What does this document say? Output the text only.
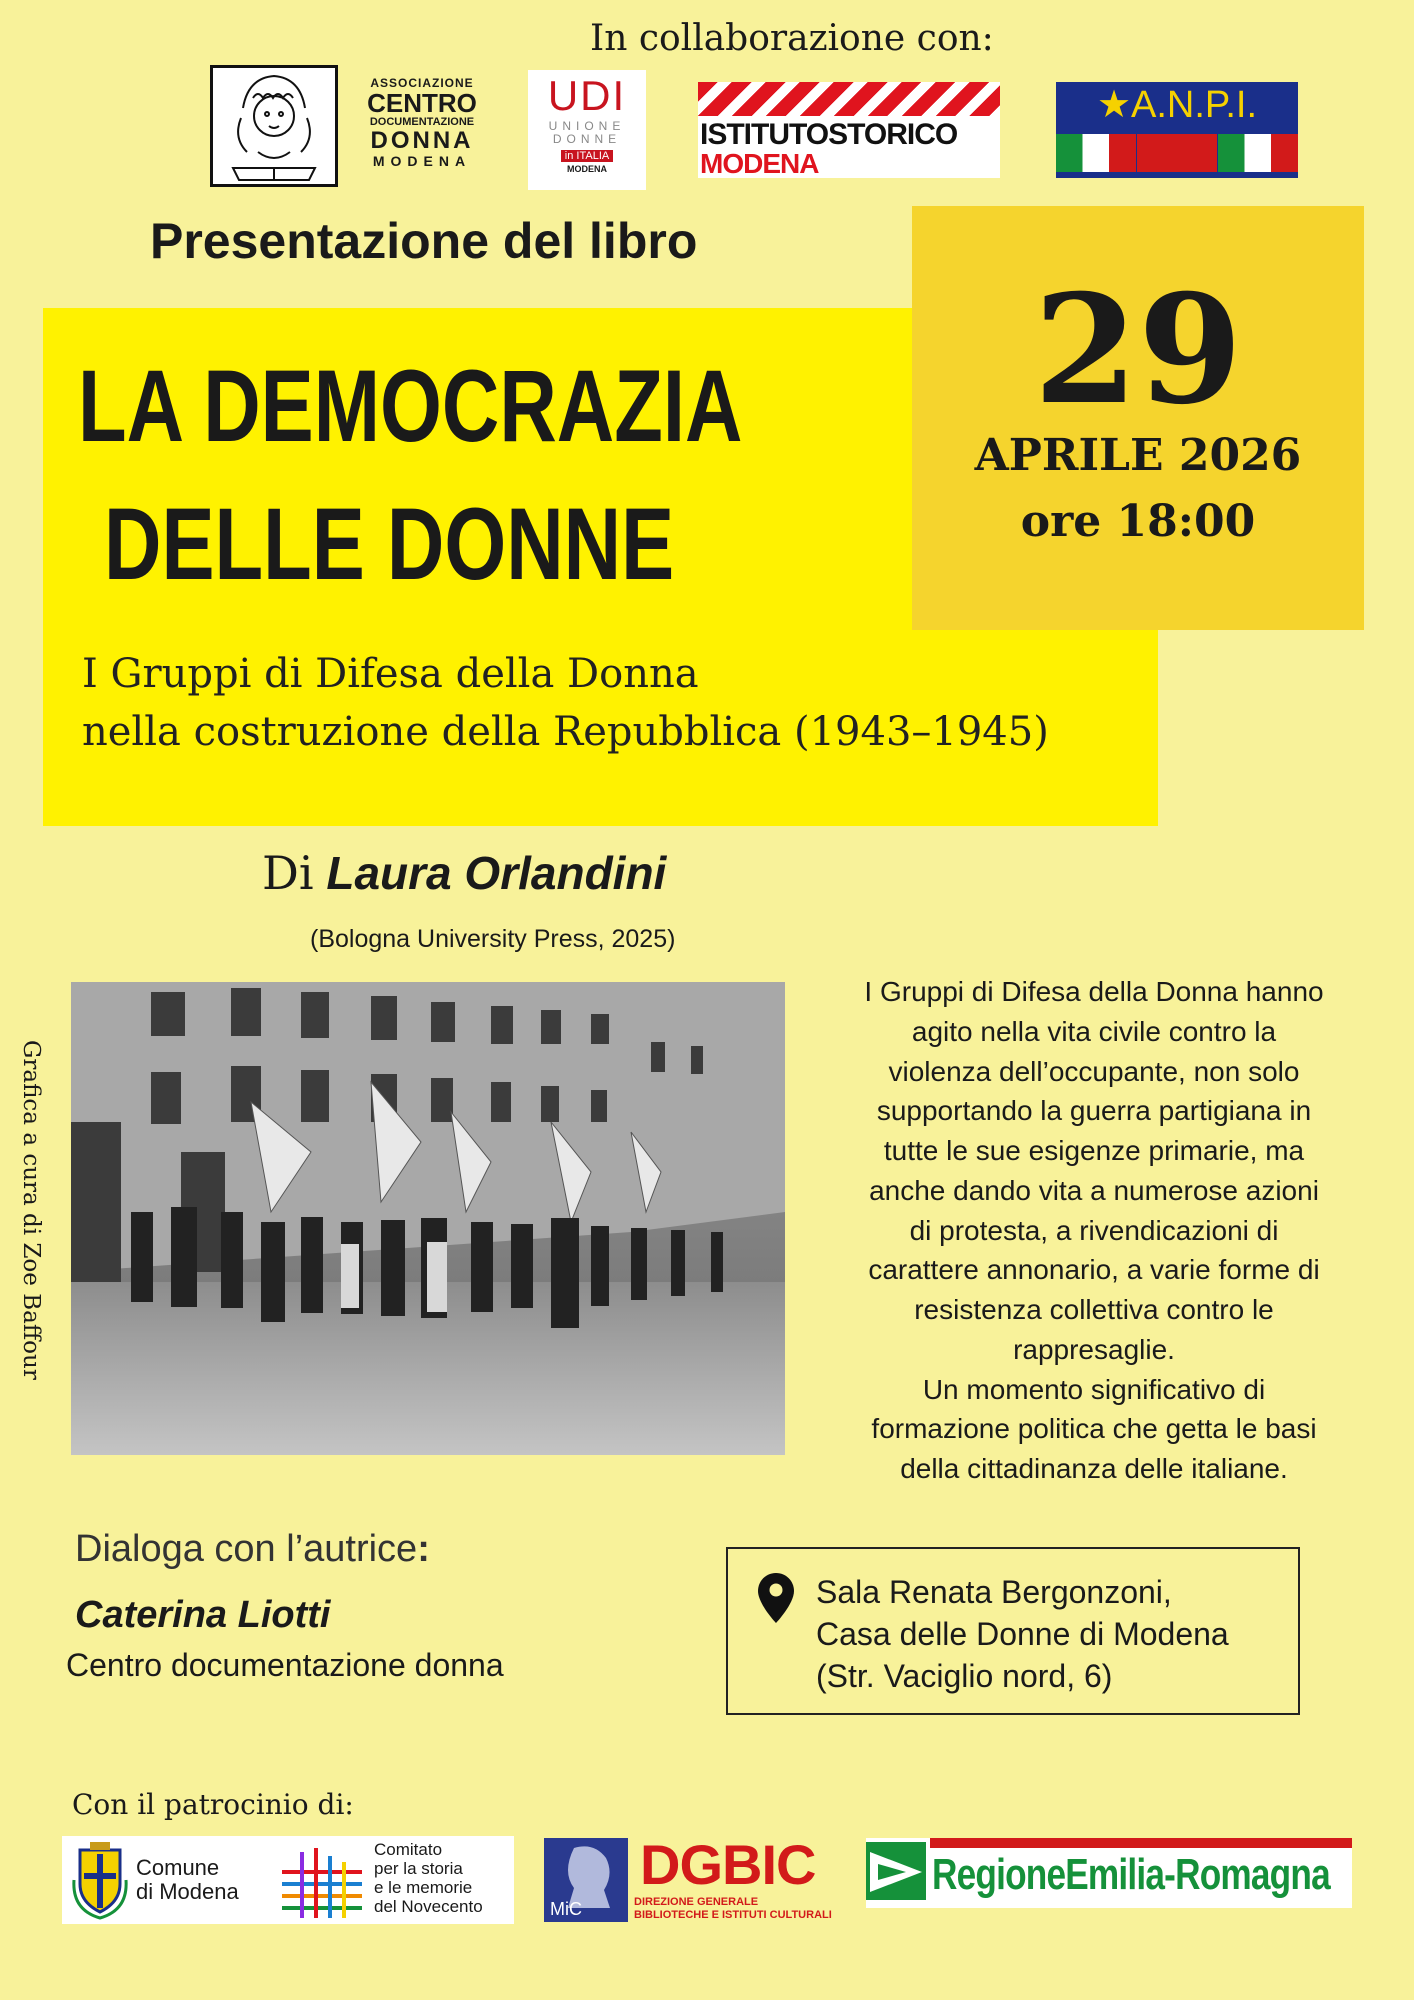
In collaborazione con:
ASSOCIAZIONE
CENTRO
DOCUMENTAZIONE
DONNA
MODENA
UDI
UNIONE
DONNE
in ITALIA
MODENA
ISTITUTOSTORICO
MODENA
★A.N.P.I.
Presentazione del libro
29
APRILE 2026
ore 18:00
LA DEMOCRAZIA
DELLE DONNE
I Gruppi di Difesa della Donna
nella costruzione della Repubblica (1943–1945)
Di Laura Orlandini
(Bologna University Press, 2025)
Grafica a cura di Zoe Baffour
I Gruppi di Difesa della Donna hanno
agito nella vita civile contro la
violenza dell’occupante, non solo
supportando la guerra partigiana in
tutte le sue esigenze primarie, ma
anche dando vita a numerose azioni
di protesta, a rivendicazioni di
carattere annonario, a varie forme di
resistenza collettiva contro le
rappresaglie.
Un momento significativo di
formazione politica che getta le basi
della cittadinanza delle italiane.
Dialoga con l’autrice:
Caterina Liotti
Centro documentazione donna
Sala Renata Bergonzoni,
Casa delle Donne di Modena
(Str. Vaciglio nord, 6)
Con il patrocinio di:
Comune
di Modena
Comitato
per la storia
e le memorie
del Novecento	MiC
DGBIC
DIREZIONE GENERALE
BIBLIOTECHE E ISTITUTI CULTURALI
RegioneEmilia-Romagna
